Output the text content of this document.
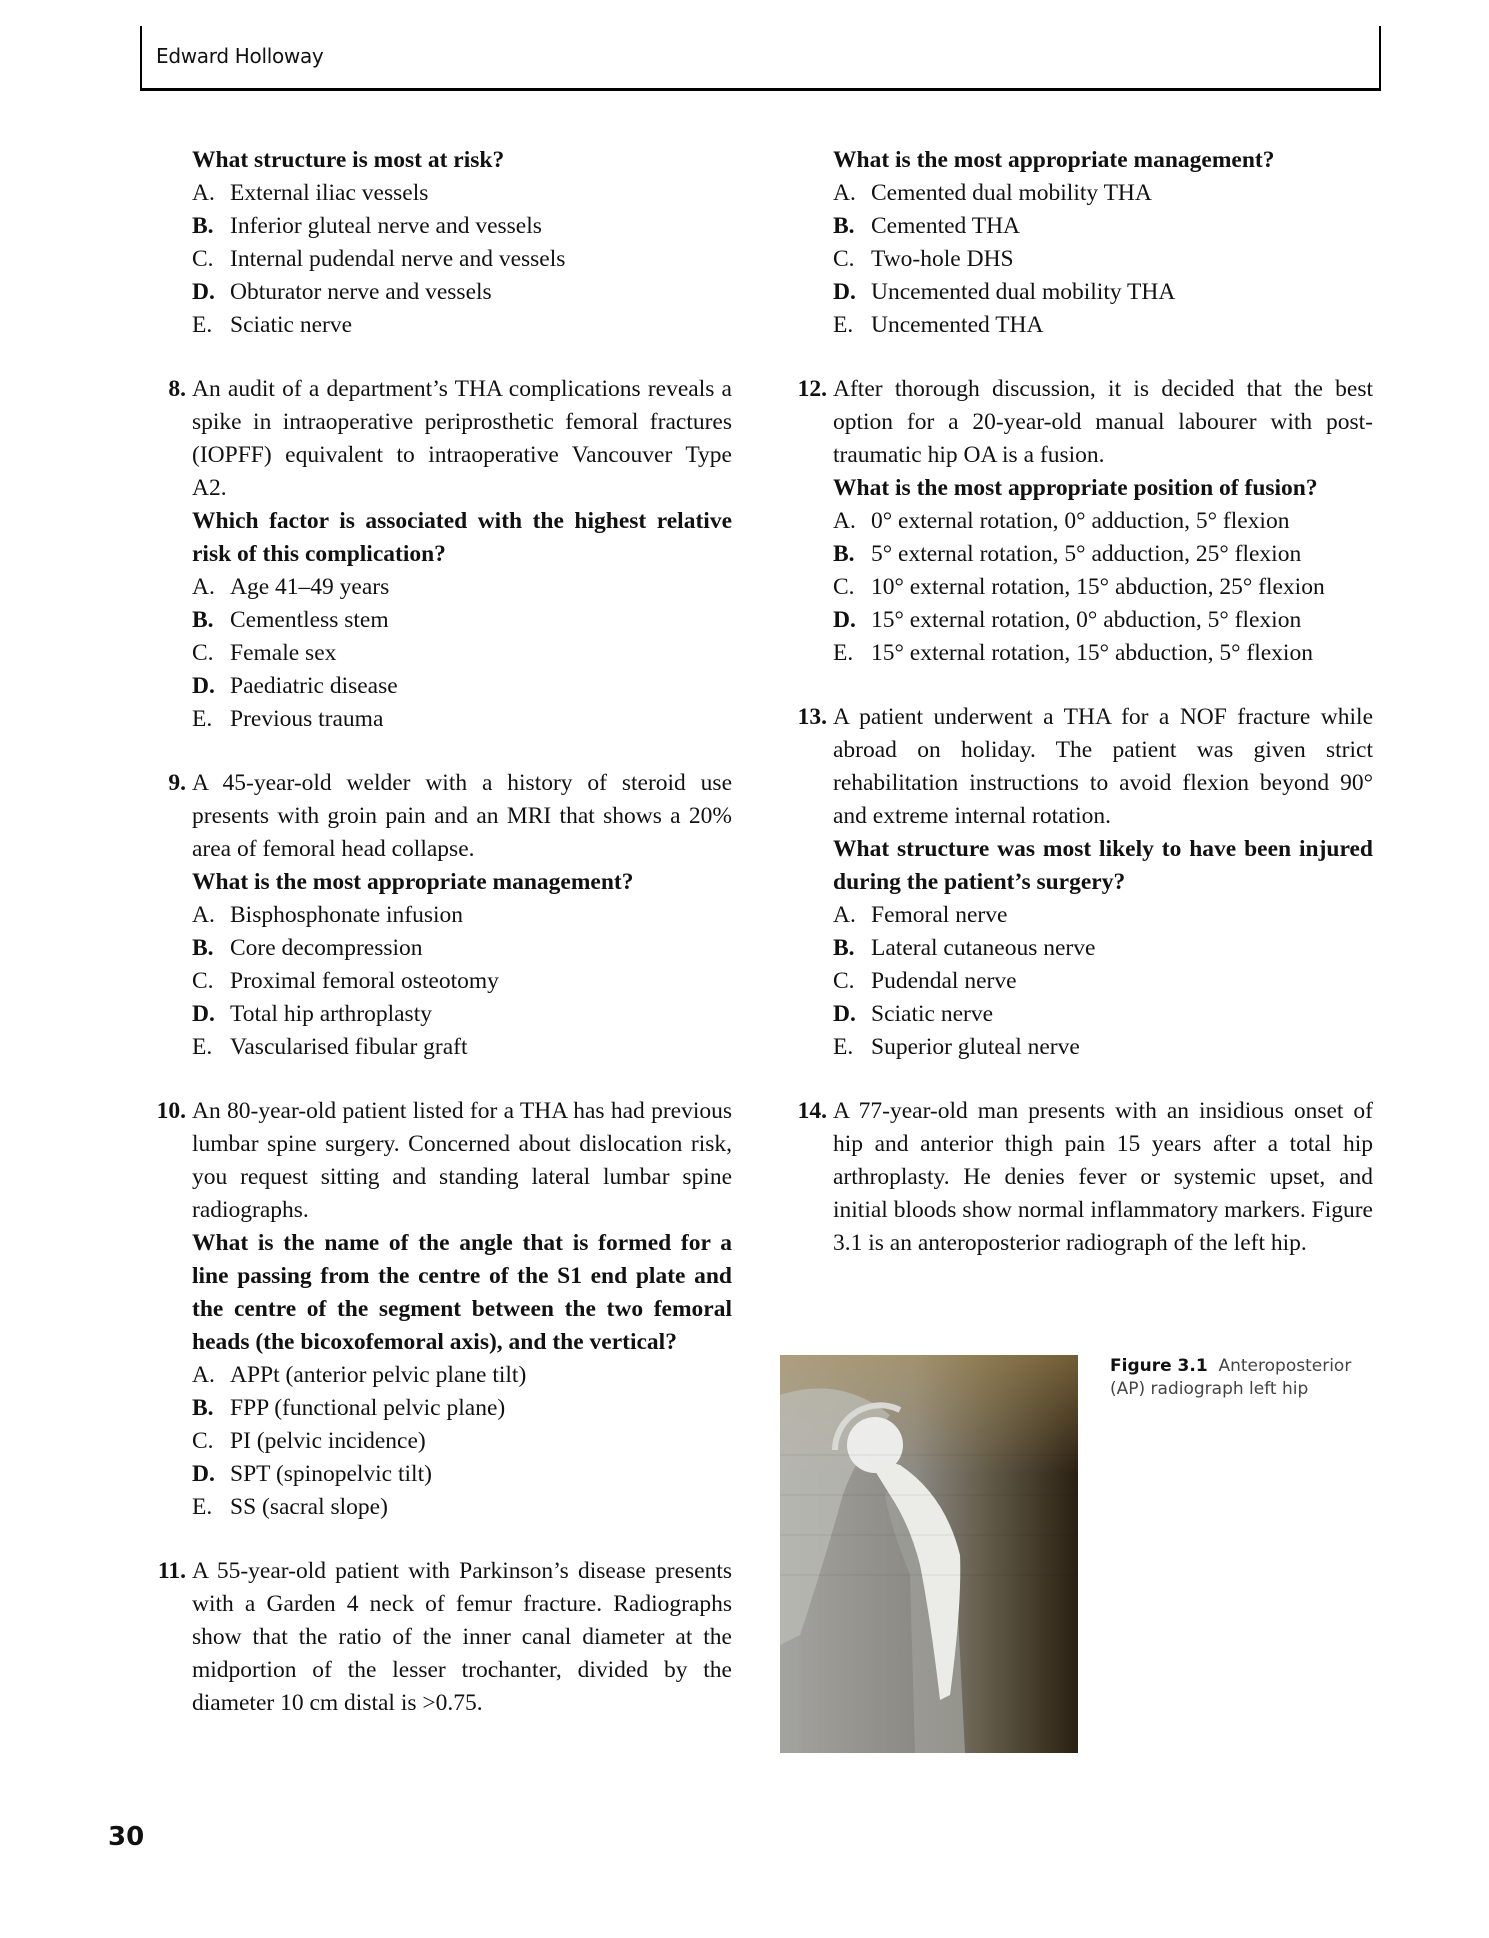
Edward Holloway
What structure is most at risk?
A. External iliac vessels
B. Inferior gluteal nerve and vessels
C. Internal pudendal nerve and vessels
D. Obturator nerve and vessels
E. Sciatic nerve
8. An audit of a department’s THA complications reveals a spike in intraoperative periprosthetic femoral fractures (IOPFF) equivalent to intraoperative Vancouver Type A2.
Which factor is associated with the highest relative risk of this complication?
A. Age 41–49 years
B. Cementless stem
C. Female sex
D. Paediatric disease
E. Previous trauma
9. A 45-year-old welder with a history of steroid use presents with groin pain and an MRI that shows a 20% area of femoral head collapse.
What is the most appropriate management?
A. Bisphosphonate infusion
B. Core decompression
C. Proximal femoral osteotomy
D. Total hip arthroplasty
E. Vascularised fibular graft
10. An 80-year-old patient listed for a THA has had previous lumbar spine surgery. Concerned about dislocation risk, you request sitting and standing lateral lumbar spine radiographs.
What is the name of the angle that is formed for a line passing from the centre of the S1 end plate and the centre of the segment between the two femoral heads (the bicoxofemoral axis), and the vertical?
A. APPt (anterior pelvic plane tilt)
B. FPP (functional pelvic plane)
C. PI (pelvic incidence)
D. SPT (spinopelvic tilt)
E. SS (sacral slope)
11. A 55-year-old patient with Parkinson’s disease presents with a Garden 4 neck of femur fracture. Radiographs show that the ratio of the inner canal diameter at the midportion of the lesser trochanter, divided by the diameter 10 cm distal is >0.75.
What is the most appropriate management?
A. Cemented dual mobility THA
B. Cemented THA
C. Two-hole DHS
D. Uncemented dual mobility THA
E. Uncemented THA
12. After thorough discussion, it is decided that the best option for a 20-year-old manual labourer with post-traumatic hip OA is a fusion.
What is the most appropriate position of fusion?
A. 0° external rotation, 0° adduction, 5° flexion
B. 5° external rotation, 5° adduction, 25° flexion
C. 10° external rotation, 15° abduction, 25° flexion
D. 15° external rotation, 0° abduction, 5° flexion
E. 15° external rotation, 15° abduction, 5° flexion
13. A patient underwent a THA for a NOF fracture while abroad on holiday. The patient was given strict rehabilitation instructions to avoid flexion beyond 90° and extreme internal rotation.
What structure was most likely to have been injured during the patient’s surgery?
A. Femoral nerve
B. Lateral cutaneous nerve
C. Pudendal nerve
D. Sciatic nerve
E. Superior gluteal nerve
14. A 77-year-old man presents with an insidious onset of hip and anterior thigh pain 15 years after a total hip arthroplasty. He denies fever or systemic upset, and initial bloods show normal inflammatory markers. Figure 3.1 is an anteroposterior radiograph of the left hip.
Figure 3.1 Anteroposterior (AP) radiograph left hip
30
